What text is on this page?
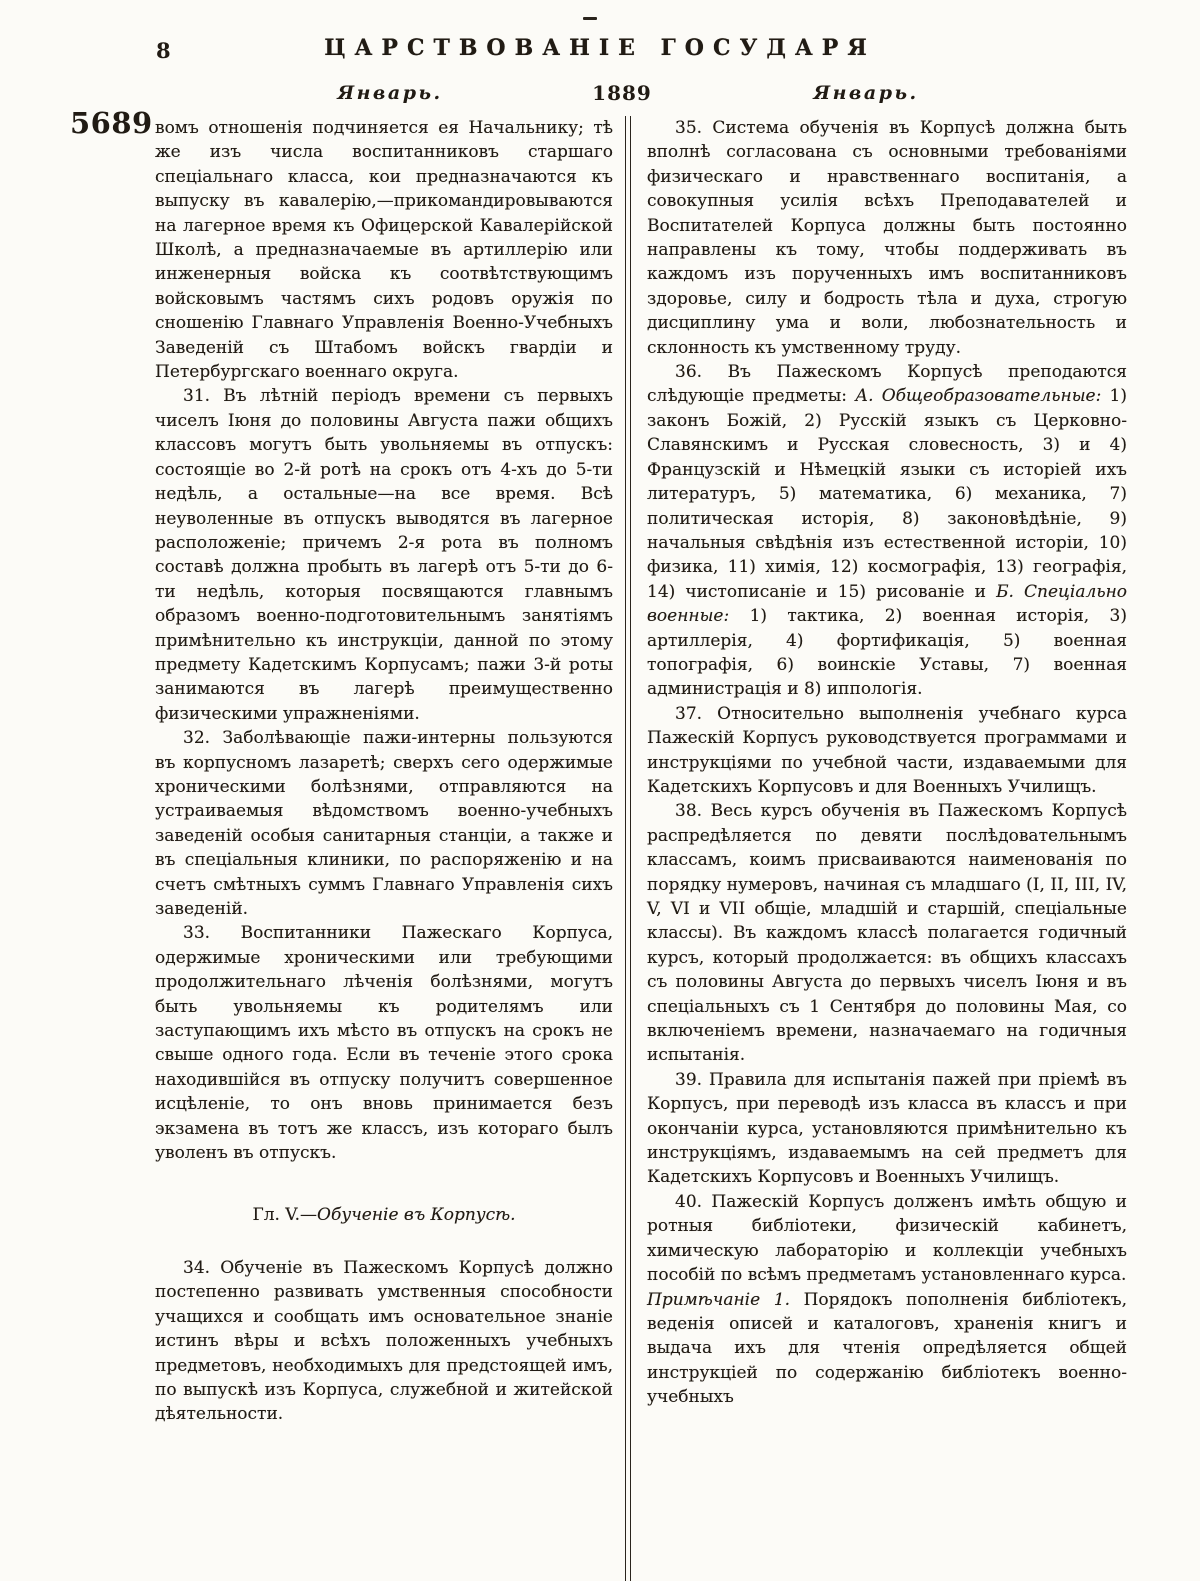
8	ЦАРСТВОВАНІЕ ГОСУДАРЯ
Январь.	1889	Январь.
5689 вомъ отношенія подчиняется ея Начальнику; тѣ же изъ числа воспитанниковъ старшаго спеціальнаго класса, кои предназначаются къ выпуску въ кавалерію,—прикомандировываются на лагерное время къ Офицерской Кавалерійской Школѣ, а предназначаемые въ артиллерію или инженерныя войска къ соотвѣтствующимъ войсковымъ частямъ сихъ родовъ оружія по сношенію Главнаго Управленія Военно-Учебныхъ Заведеній съ Штабомъ войскъ гвардіи и Петербургскаго военнаго округа.

31. Въ лѣтній періодъ времени съ первыхъ чиселъ Іюня до половины Августа пажи общихъ классовъ могутъ быть увольняемы въ отпускъ: состоящіе во 2-й ротѣ на срокъ отъ 4-хъ до 5-ти недѣль, а остальные—на все время. Всѣ неуволенные въ отпускъ выводятся въ лагерное расположеніе; причемъ 2-я рота въ полномъ составѣ должна пробыть въ лагерѣ отъ 5-ти до 6-ти недѣль, которыя посвящаются главнымъ образомъ военно-подготовительнымъ занятіямъ примѣнительно къ инструкціи, данной по этому предмету Кадетскимъ Корпусамъ; пажи 3-й роты занимаются въ лагерѣ преимущественно физическими упражненіями.

32. Заболѣвающіе пажи-интерны пользуются въ корпусномъ лазаретѣ; сверхъ сего одержимые хроническими болѣзнями, отправляются на устраиваемыя вѣдомствомъ военно-учебныхъ заведеній особыя санитарныя станціи, а также и въ спеціальныя клиники, по распоряженію и на счетъ смѣтныхъ суммъ Главнаго Управленія сихъ заведеній.

33. Воспитанники Пажескаго Корпуса, одержимые хроническими или требующими продолжительнаго лѣченія болѣзнями, могутъ быть увольняемы къ родителямъ или заступающимъ ихъ мѣсто въ отпускъ на срокъ не свыше одного года. Если въ теченіе этого срока находившійся въ отпуску получитъ совершенное исцѣленіе, то онъ вновь принимается безъ экзамена въ тотъ же классъ, изъ котораго былъ уволенъ въ отпускъ.

Гл. V.—Обученіе въ Корпусѣ.

34. Обученіе въ Пажескомъ Корпусѣ должно постепенно развивать умственныя способности учащихся и сообщать имъ основательное знаніе истинъ вѣры и всѣхъ положенныхъ учебныхъ предметовъ, необходимыхъ для предстоящей имъ, по выпускѣ изъ Корпуса, служебной и житейской дѣятельности.

35. Система обученія въ Корпусѣ должна быть вполнѣ согласована съ основными требованіями физическаго и нравственнаго воспитанія, а совокупныя усилія всѣхъ Преподавателей и Воспитателей Корпуса должны быть постоянно направлены къ тому, чтобы поддерживать въ каждомъ изъ порученныхъ имъ воспитанниковъ здоровье, силу и бодрость тѣла и духа, строгую дисциплину ума и воли, любознательность и склонность къ умственному труду.

36. Въ Пажескомъ Корпусѣ преподаются слѣдующіе предметы: А. Общеобразовательные: 1) законъ Божій, 2) Русскій языкъ съ Церковно-Славянскимъ и Русская словесность, 3) и 4) Французскій и Нѣмецкій языки съ исторіей ихъ литературъ, 5) математика, 6) механика, 7) политическая исторія, 8) законовѣдѣніе, 9) начальныя свѣдѣнія изъ естественной исторіи, 10) физика, 11) химія, 12) космографія, 13) географія, 14) чистописаніе и 15) рисованіе и Б. Спеціально военные: 1) тактика, 2) военная исторія, 3) артиллерія, 4) фортификація, 5) военная топографія, 6) воинскіе Уставы, 7) военная администрація и 8) иппологія.

37. Относительно выполненія учебнаго курса Пажескій Корпусъ руководствуется программами и инструкціями по учебной части, издаваемыми для Кадетскихъ Корпусовъ и для Военныхъ Училищъ.

38. Весь курсъ обученія въ Пажескомъ Корпусѣ распредѣляется по девяти послѣдовательнымъ классамъ, коимъ присваиваются наименованія по порядку нумеровъ, начиная съ младшаго (I, II, III, IV, V, VI и VII общіе, младшій и старшій, спеціальные классы). Въ каждомъ классѣ полагается годичный курсъ, который продолжается: въ общихъ классахъ съ половины Августа до первыхъ чиселъ Іюня и въ спеціальныхъ съ 1 Сентября до половины Мая, со включеніемъ времени, назначаемаго на годичныя испытанія.

39. Правила для испытанія пажей при пріемѣ въ Корпусъ, при переводѣ изъ класса въ классъ и при окончаніи курса, установляются примѣнительно къ инструкціямъ, издаваемымъ на сей предметъ для Кадетскихъ Корпусовъ и Военныхъ Училищъ.

40. Пажескій Корпусъ долженъ имѣть общую и ротныя библіотеки, физическій кабинетъ, химическую лабораторію и коллекціи учебныхъ пособій по всѣмъ предметамъ установленнаго курса.

Примѣчаніе 1. Порядокъ пополненія библіотекъ, веденія описей и каталоговъ, храненія книгъ и выдача ихъ для чтенія опредѣляется общей инструкціей по содержанію библіотекъ военно-учебныхъ
